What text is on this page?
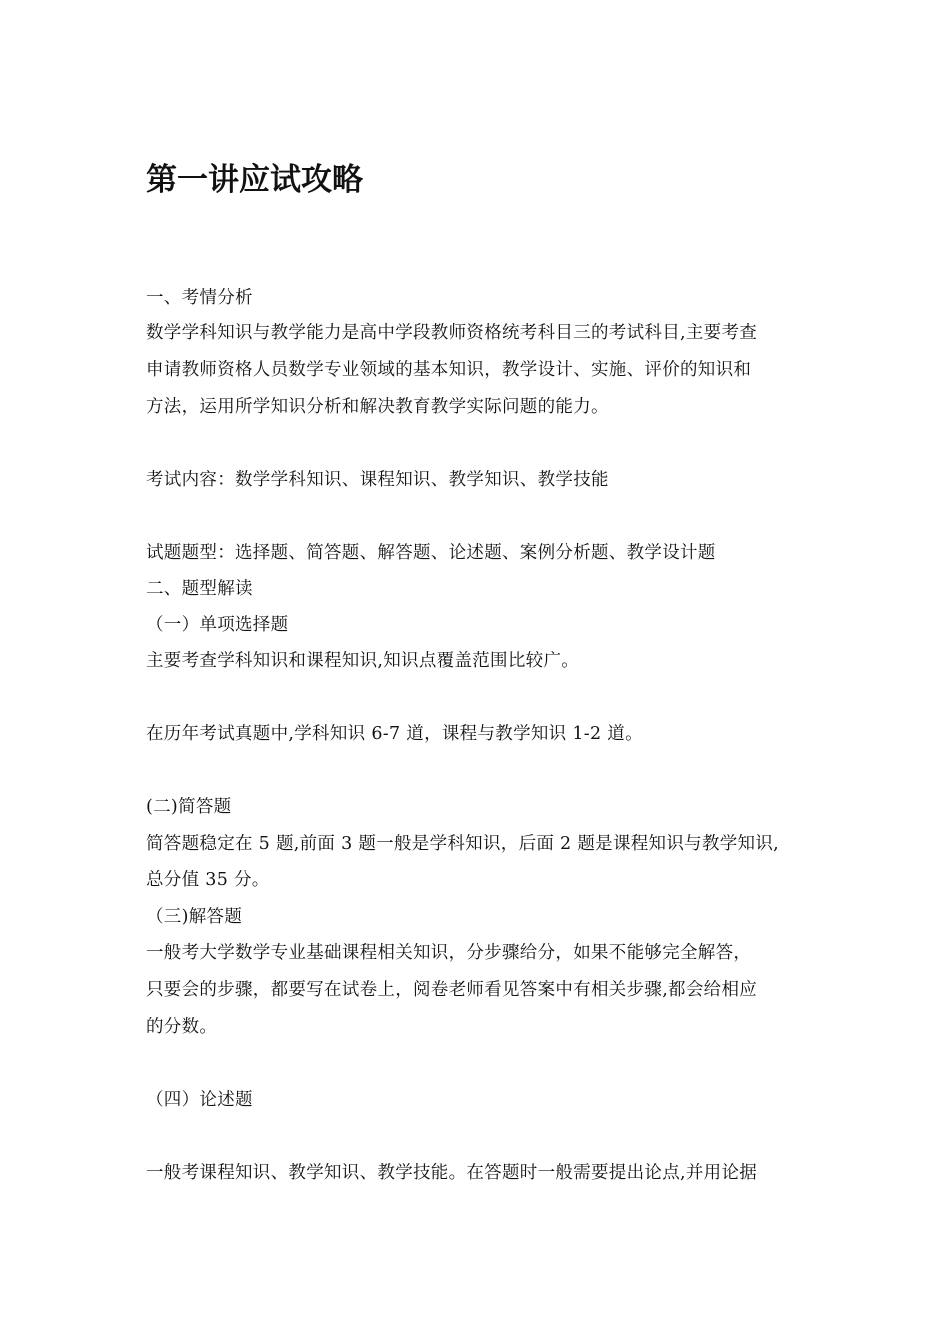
第一讲应试攻略

一、考情分析

数学学科知识与教学能力是高中学段教师资格统考科目三的考试科目,主要考查

申请教师资格人员数学专业领域的基本知识，教学设计、实施、评价的知识和

方法，运用所学知识分析和解决教育教学实际问题的能力。

考试内容：数学学科知识、课程知识、教学知识、教学技能

试题题型：选择题、简答题、解答题、论述题、案例分析题、教学设计题

二、题型解读

（一）单项选择题

主要考查学科知识和课程知识,知识点覆盖范围比较广。

在历年考试真题中,学科知识 6-7 道，课程与教学知识 1-2 道。

(二)简答题

简答题稳定在 5 题,前面 3 题一般是学科知识，后面 2 题是课程知识与教学知识,

总分值 35 分。

（三)解答题

一般考大学数学专业基础课程相关知识，分步骤给分，如果不能够完全解答，

只要会的步骤，都要写在试卷上，阅卷老师看见答案中有相关步骤,都会给相应

的分数。

（四）论述题

一般考课程知识、教学知识、教学技能。在答题时一般需要提出论点,并用论据
